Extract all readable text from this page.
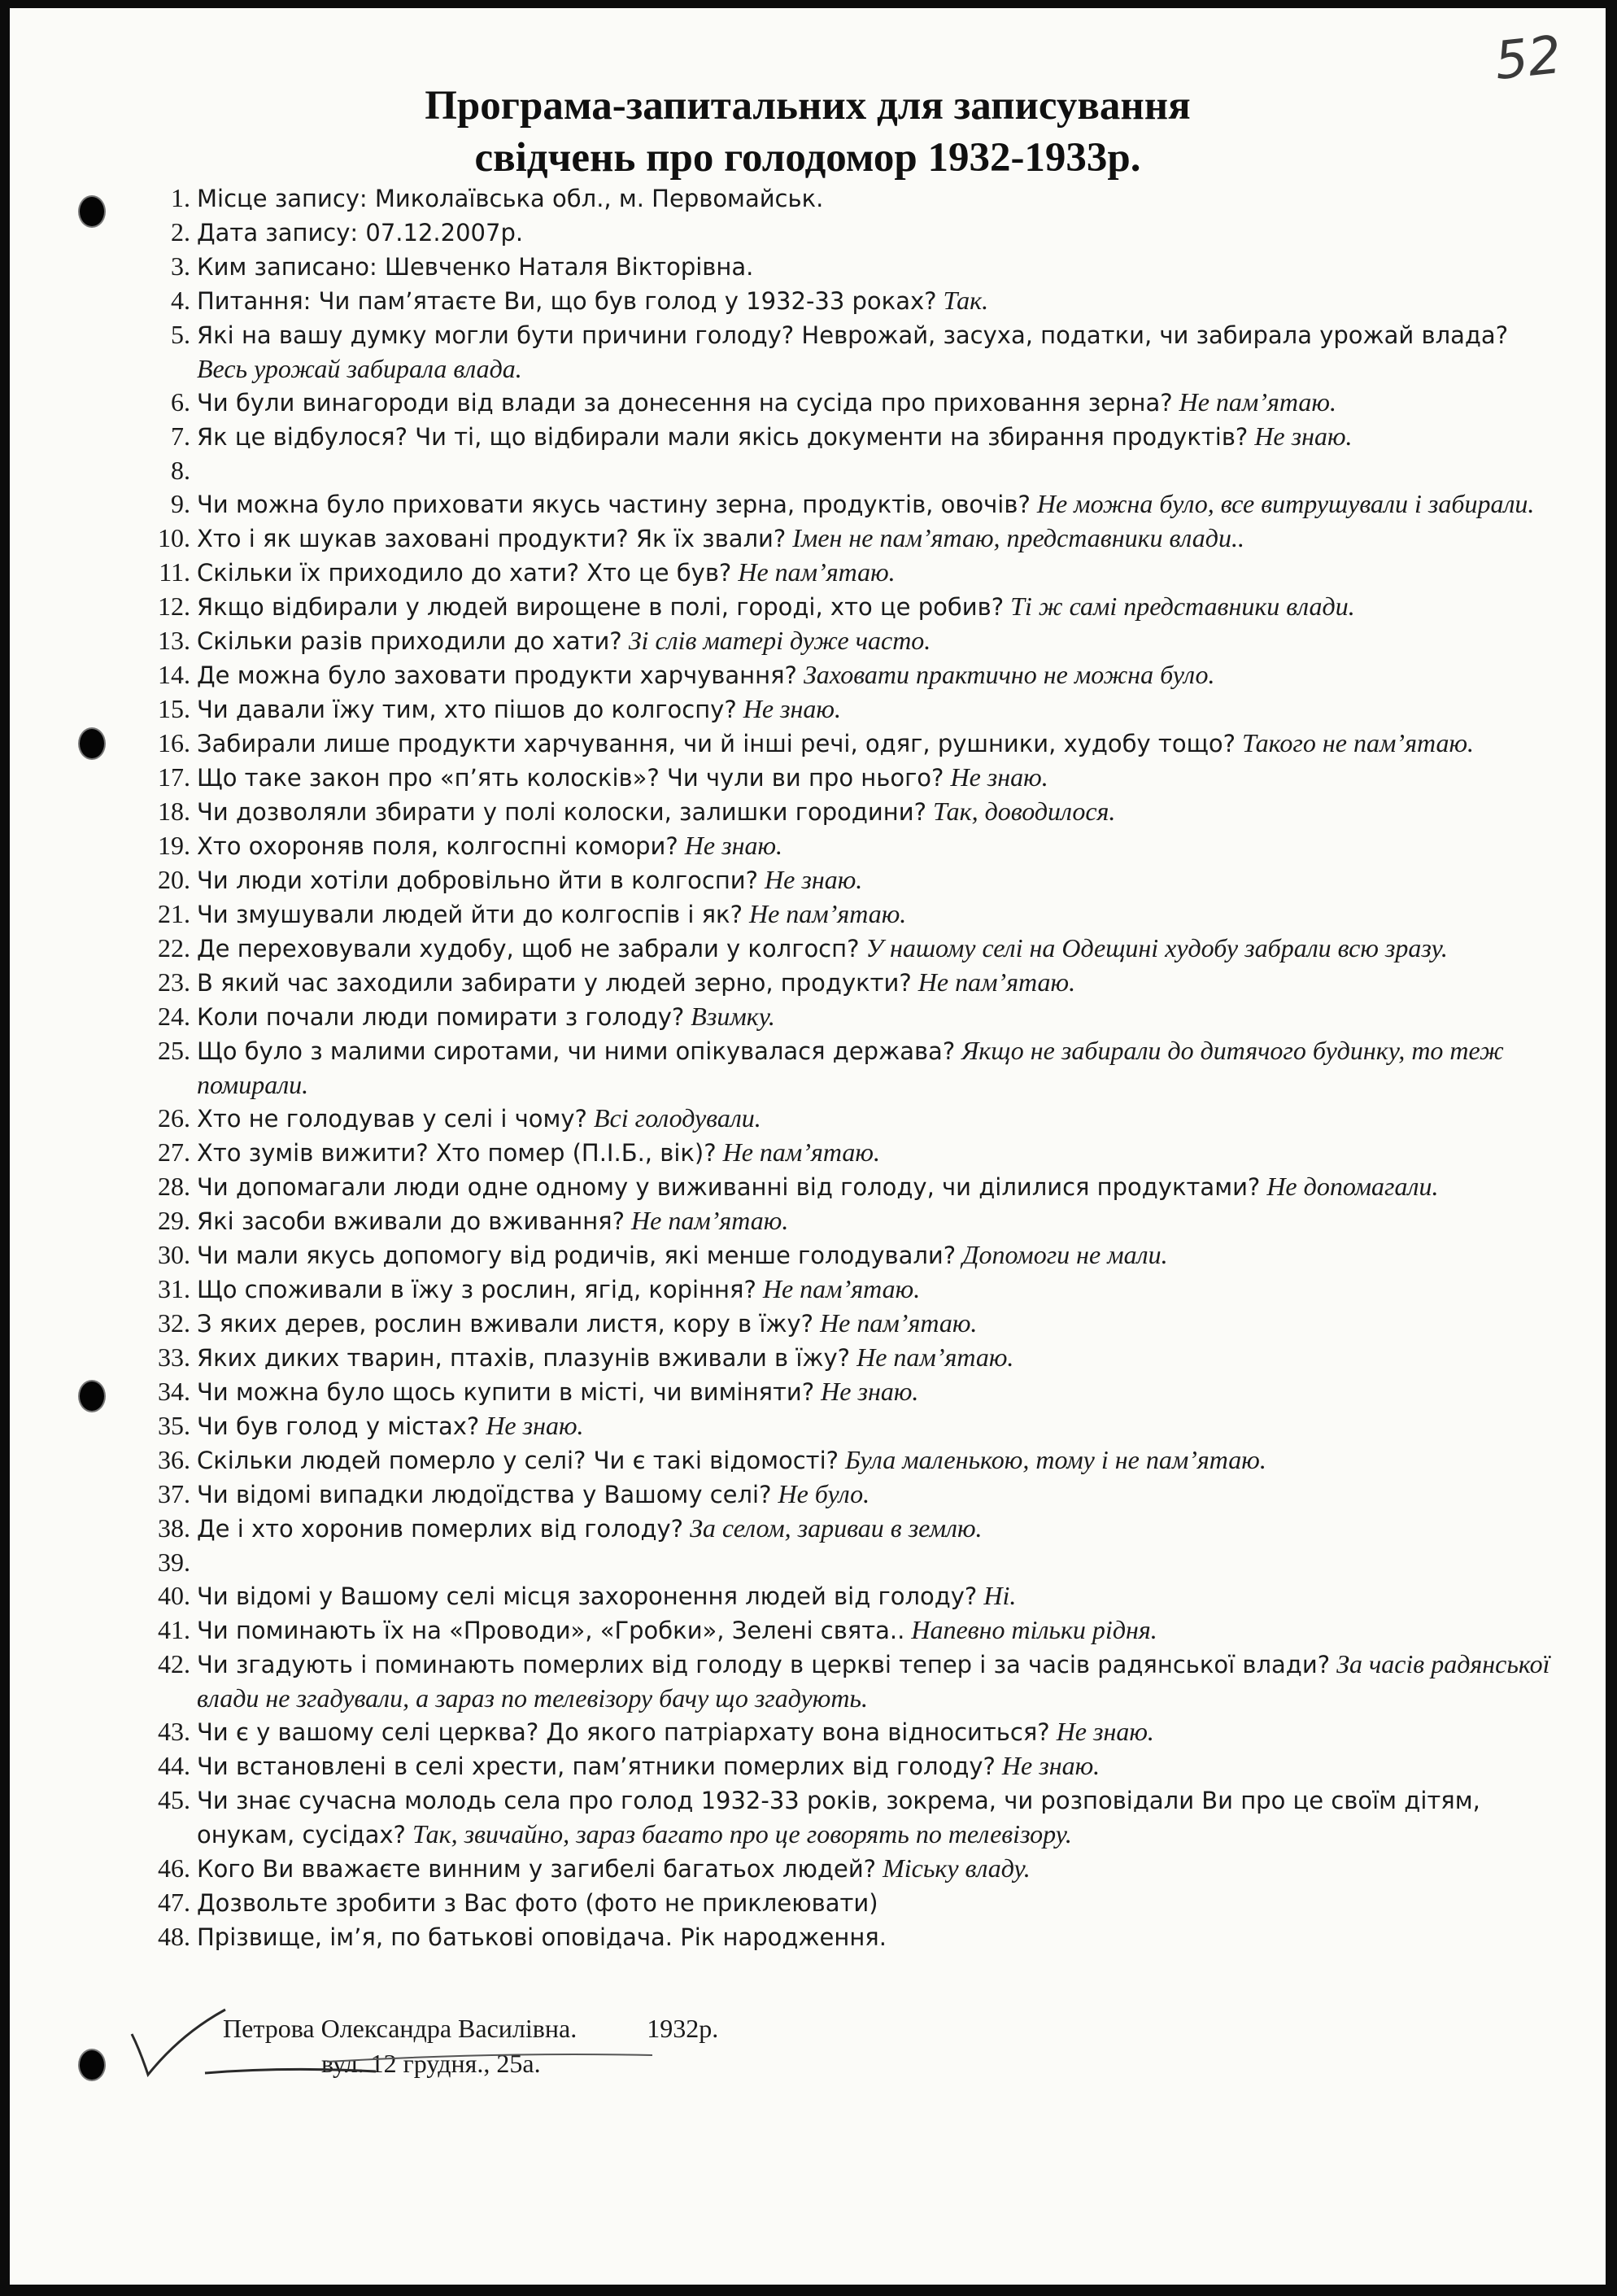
52
Програма-запитальних для записування
свідчень про голодомор 1932-1933р.
1. Місце запису: Миколаївська обл., м. Первомайськ.
2. Дата запису: 07.12.2007р.
3. Ким записано: Шевченко Наталя Вікторівна.
4. Питання: Чи пам’ятаєте Ви, що був голод у 1932-33 роках? Так.
5. Які на вашу думку могли бути причини голоду? Неврожай, засуха, податки, чи забирала урожай влада? Весь урожай забирала влада.
6. Чи були винагороди від влади за донесення на сусіда про приховання зерна? Не пам’ятаю.
7. Як це відбулося? Чи ті, що відбирали мали якісь документи на збирання продуктів? Не знаю.
8.
9. Чи можна було приховати якусь частину зерна, продуктів, овочів? Не можна було, все витрушували і забирали.
10. Хто і як шукав заховані продукти? Як їх звали? Імен не пам’ятаю, представники влади..
11. Скільки їх приходило до хати? Хто це був? Не пам’ятаю.
12. Якщо відбирали у людей вирощене в полі, городі, хто це робив? Ті ж самі представники влади.
13. Скільки разів приходили до хати? Зі слів матері дуже часто.
14. Де можна було заховати продукти харчування? Заховати практично не можна було.
15. Чи давали їжу тим, хто пішов до колгоспу? Не знаю.
16. Забирали лише продукти харчування, чи й інші речі, одяг, рушники, худобу тощо? Такого не пам’ятаю.
17. Що таке закон про «п’ять колосків»? Чи чули ви про нього? Не знаю.
18. Чи дозволяли збирати у полі колоски, залишки городини? Так, доводилося.
19. Хто охороняв поля, колгоспні комори? Не знаю.
20. Чи люди хотіли добровільно йти в колгоспи? Не знаю.
21. Чи змушували людей йти до колгоспів і як? Не пам’ятаю.
22. Де переховували худобу, щоб не забрали у колгосп? У нашому селі на Одещині худобу забрали всю зразу.
23. В який час заходили забирати у людей зерно, продукти? Не пам’ятаю.
24. Коли почали люди помирати з голоду? Взимку.
25. Що було з малими сиротами, чи ними опікувалася держава? Якщо не забирали до дитячого будинку, то теж помирали.
26. Хто не голодував у селі і чому? Всі голодували.
27. Хто зумів вижити? Хто помер (П.І.Б., вік)? Не пам’ятаю.
28. Чи допомагали люди одне одному у виживанні від голоду, чи ділилися продуктами? Не допомагали.
29. Які засоби вживали до вживання? Не пам’ятаю.
30. Чи мали якусь допомогу від родичів, які менше голодували? Допомоги не мали.
31. Що споживали в їжу з рослин, ягід, коріння? Не пам’ятаю.
32. З яких дерев, рослин вживали листя, кору в їжу? Не пам’ятаю.
33. Яких диких тварин, птахів, плазунів вживали в їжу? Не пам’ятаю.
34. Чи можна було щось купити в місті, чи виміняти? Не знаю.
35. Чи був голод у містах? Не знаю.
36. Скільки людей померло у селі? Чи є такі відомості? Була маленькою, тому і не пам’ятаю.
37. Чи відомі випадки людоїдства у Вашому селі? Не було.
38. Де і хто хоронив померлих від голоду? За селом, зариваи в землю.
39.
40. Чи відомі у Вашому селі місця захоронення людей від голоду? Ні.
41. Чи поминають їх на «Проводи», «Гробки», Зелені свята.. Напевно тільки рідня.
42. Чи згадують і поминають померлих від голоду в церкві тепер і за часів радянської влади? За часів радянської влади не згадували, а зараз по телевізору бачу що згадують.
43. Чи є у вашому селі церква? До якого патріархату вона відноситься? Не знаю.
44. Чи встановлені в селі хрести, пам’ятники померлих від голоду? Не знаю.
45. Чи знає сучасна молодь села про голод 1932-33 років, зокрема, чи розповідали Ви про це своїм дітям, онукам, сусідах? Так, звичайно, зараз багато про це говорять по телевізору.
46. Кого Ви вважаєте винним у загибелі багатьох людей? Міську владу.
47. Дозвольте зробити з Вас фото (фото не приклеювати)
48. Прізвище, ім’я, по батькові оповідача. Рік народження.
Петрова Олександра Василівна.	1932р.
вул. 12 грудня., 25а.
